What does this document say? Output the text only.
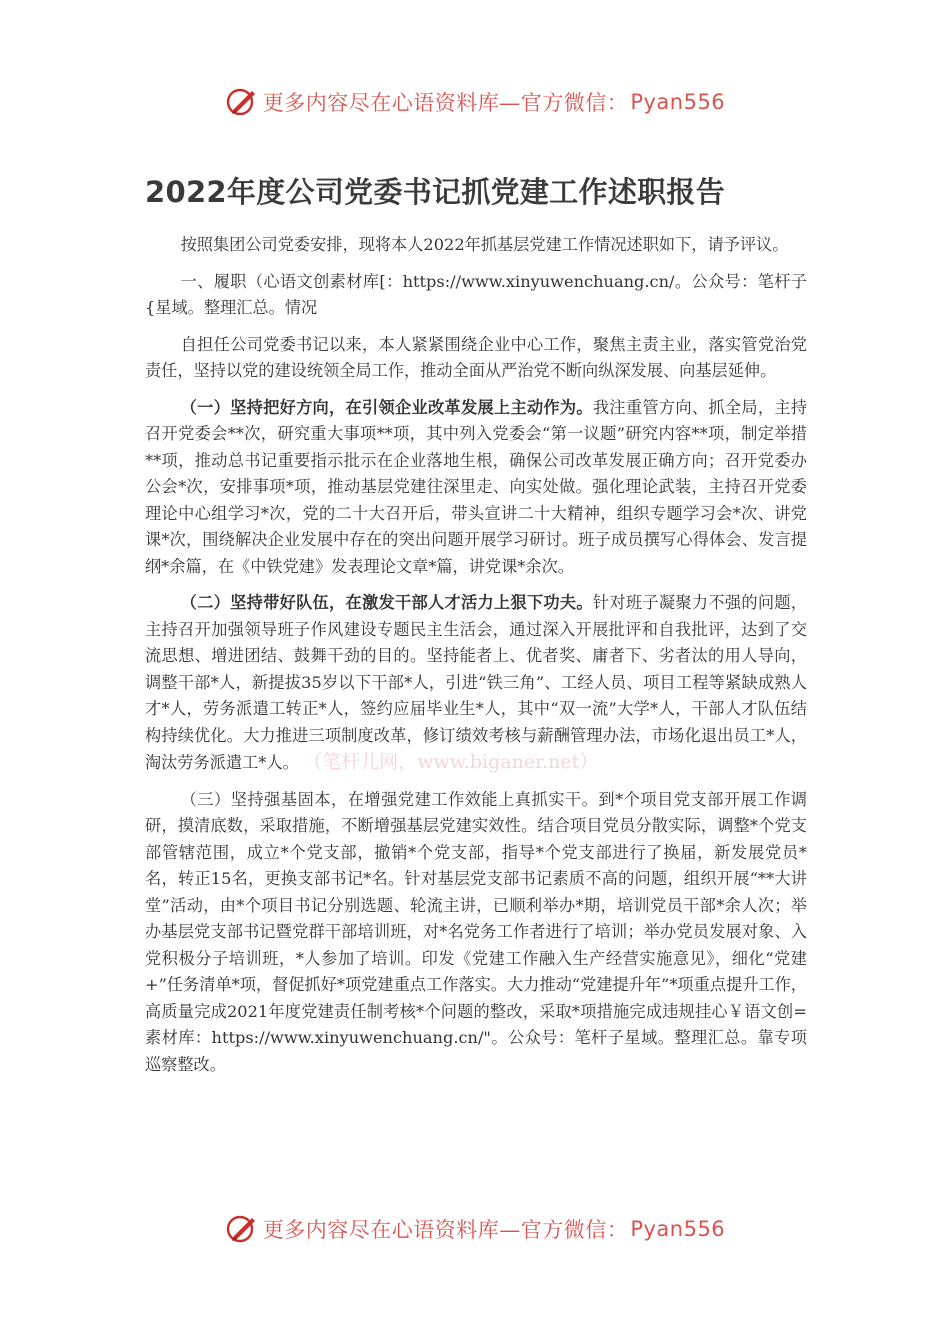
更多内容尽在心语资料库—官方微信： Pyan556
2022年度公司党委书记抓党建工作述职报告

按照集团公司党委安排，现将本人2022年抓基层党建工作情况述职如下，请予评议。

一、履职（心语文创素材库[：https://www.xinyuwenchuang.cn/。公众号：笔杆子{星域。整理汇总。情况

自担任公司党委书记以来，本人紧紧围绕企业中心工作，聚焦主责主业，落实管党治党责任，坚持以党的建设统领全局工作，推动全面从严治党不断向纵深发展、向基层延伸。

（一）坚持把好方向，在引领企业改革发展上主动作为。我注重管方向、抓全局，主持召开党委会**次，研究重大事项**项，其中列入党委会“第一议题”研究内容**项，制定举措**项，推动总书记重要指示批示在企业落地生根，确保公司改革发展正确方向；召开党委办公会*次，安排事项*项，推动基层党建往深里走、向实处做。强化理论武装，主持召开党委理论中心组学习*次，党的二十大召开后，带头宣讲二十大精神，组织专题学习会*次、讲党课*次，围绕解决企业发展中存在的突出问题开展学习研讨。班子成员撰写心得体会、发言提纲*余篇，在《中铁党建》发表理论文章*篇，讲党课*余次。

（二）坚持带好队伍，在激发干部人才活力上狠下功夫。针对班子凝聚力不强的问题，主持召开加强领导班子作风建设专题民主生活会，通过深入开展批评和自我批评，达到了交流思想、增进团结、鼓舞干劲的目的。坚持能者上、优者奖、庸者下、劣者汰的用人导向，调整干部*人，新提拔35岁以下干部*人，引进“铁三角”、工经人员、项目工程等紧缺成熟人才*人，劳务派遣工转正*人，签约应届毕业生*人，其中“双一流”大学*人，干部人才队伍结构持续优化。大力推进三项制度改革，修订绩效考核与薪酬管理办法，市场化退出员工*人，淘汰劳务派遣工*人。 （笔杆儿网，www.biganer.net）

（三）坚持强基固本，在增强党建工作效能上真抓实干。到*个项目党支部开展工作调研，摸清底数，采取措施，不断增强基层党建实效性。结合项目党员分散实际，调整*个党支部管辖范围，成立*个党支部，撤销*个党支部，指导*个党支部进行了换届，新发展党员*名，转正15名，更换支部书记*名。针对基层党支部书记素质不高的问题，组织开展“**大讲堂”活动，由*个项目书记分别选题、轮流主讲，已顺利举办*期，培训党员干部*余人次；举办基层党支部书记暨党群干部培训班，对*名党务工作者进行了培训；举办党员发展对象、入党积极分子培训班，*人参加了培训。印发《党建工作融入生产经营实施意见》，细化“党建+”任务清单*项，督促抓好*项党建重点工作落实。大力推动“党建提升年”*项重点提升工作，高质量完成2021年度党建责任制考核*个问题的整改，采取*项措施完成违规挂心￥语文创=素材库：https://www.xinyuwenchuang.cn/"。公众号：笔杆子星域。整理汇总。靠专项巡察整改。

更多内容尽在心语资料库—官方微信： Pyan556
